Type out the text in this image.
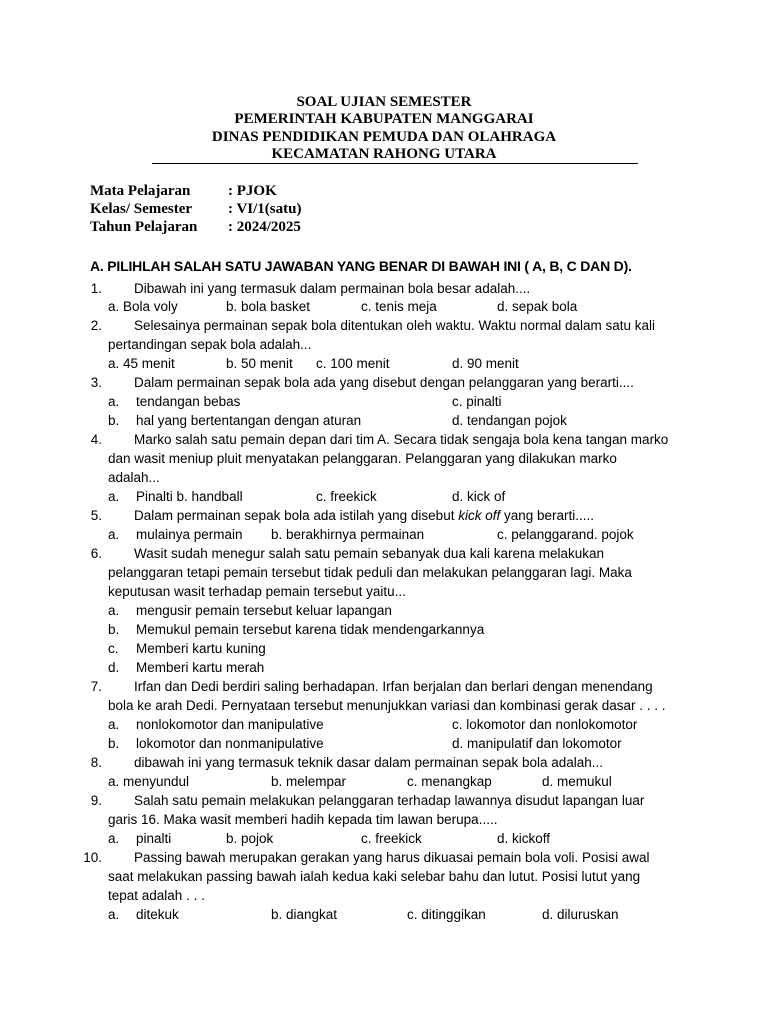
SOAL UJIAN SEMESTER
PEMERINTAH KABUPATEN MANGGARAI
DINAS PENDIDIKAN PEMUDA DAN OLAHRAGA
KECAMATAN RAHONG UTARA
Mata Pelajaran	: PJOK
Kelas/ Semester : VI/1(satu)
Tahun Pelajaran : 2024/2025
A. PILIHLAH SALAH SATU JAWABAN YANG BENAR DI BAWAH INI ( A, B, C DAN D).
1. Dibawah ini yang termasuk dalam permainan bola besar adalah....
a. Bola voly	b. bola basket	c. tenis meja	d. sepak bola
2. Selesainya permainan sepak bola ditentukan oleh waktu. Waktu normal dalam satu kali
pertandingan sepak bola adalah...
a. 45 menit	b. 50 menit c. 100 menit	d. 90 menit
3. Dalam permainan sepak bola ada yang disebut dengan pelanggaran yang berarti....
a. tendangan bebas	c. pinalti
b. hal yang bertentangan dengan aturan	d. tendangan pojok
4. Marko salah satu pemain depan dari tim A. Secara tidak sengaja bola kena tangan marko
dan wasit meniup pluit menyatakan pelanggaran. Pelanggaran yang dilakukan marko
adalah...
a. Pinalti b. handball	c. freekick	d. kick of
5. Dalam permainan sepak bola ada istilah yang disebut kick off yang berarti.....
a. mulainya permain b. berakhirnya permainan	c. pelanggarand. pojok
6. Wasit sudah menegur salah satu pemain sebanyak dua kali karena melakukan
pelanggaran tetapi pemain tersebut tidak peduli dan melakukan pelanggaran lagi. Maka
keputusan wasit terhadap pemain tersebut yaitu...
a. mengusir pemain tersebut keluar lapangan
b. Memukul pemain tersebut karena tidak mendengarkannya
c. Memberi kartu kuning
d. Memberi kartu merah
7. Irfan dan Dedi berdiri saling berhadapan. Irfan berjalan dan berlari dengan menendang
bola ke arah Dedi. Pernyataan tersebut menunjukkan variasi dan kombinasi gerak dasar . . . .
a. nonlokomotor dan manipulative	c. lokomotor dan nonlokomotor
b. lokomotor dan nonmanipulative	d. manipulatif dan lokomotor
8. dibawah ini yang termasuk teknik dasar dalam permainan sepak bola adalah...
a. menyundul	b. melempar	c. menangkap	d. memukul
9. Salah satu pemain melakukan pelanggaran terhadap lawannya disudut lapangan luar
garis 16. Maka wasit memberi hadih kepada tim lawan berupa.....
a. pinalti	b. pojok	c. freekick	d. kickoff
10. Passing bawah merupakan gerakan yang harus dikuasai pemain bola voli. Posisi awal
saat melakukan passing bawah ialah kedua kaki selebar bahu dan lutut. Posisi lutut yang
tepat adalah . . .
a. ditekuk	b. diangkat	c. ditinggikan	d. diluruskan
